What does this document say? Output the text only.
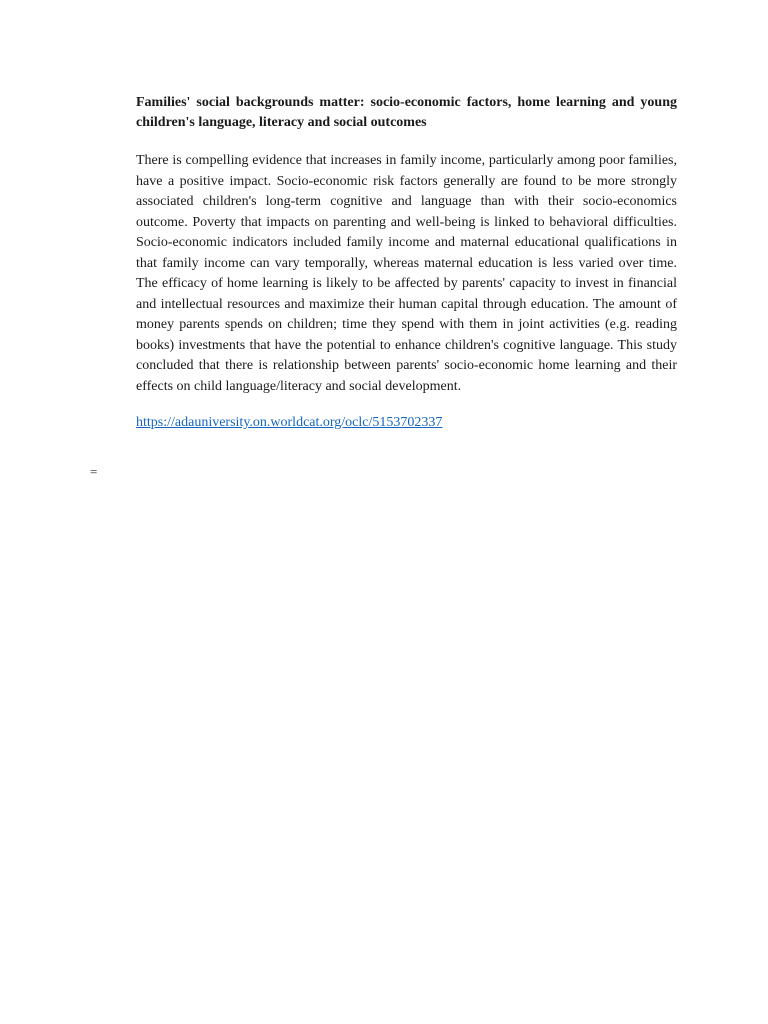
Families' social backgrounds matter: socio-economic factors, home learning and young children's language, literacy and social outcomes

There is compelling evidence that increases in family income, particularly among poor families, have a positive impact. Socio-economic risk factors generally are found to be more strongly associated children's long-term cognitive and language than with their socio-economics outcome. Poverty that impacts on parenting and well-being is linked to behavioral difficulties. Socio-economic indicators included family income and maternal educational qualifications in that family income can vary temporally, whereas maternal education is less varied over time. The efficacy of home learning is likely to be affected by parents' capacity to invest in financial and intellectual resources and maximize their human capital through education. The amount of money parents spends on children; time they spend with them in joint activities (e.g. reading books) investments that have the potential to enhance children's cognitive language. This study concluded that there is relationship between parents' socio-economic home learning and their effects on child language/literacy and social development.

https://adauniversity.on.worldcat.org/oclc/5153702337
=
